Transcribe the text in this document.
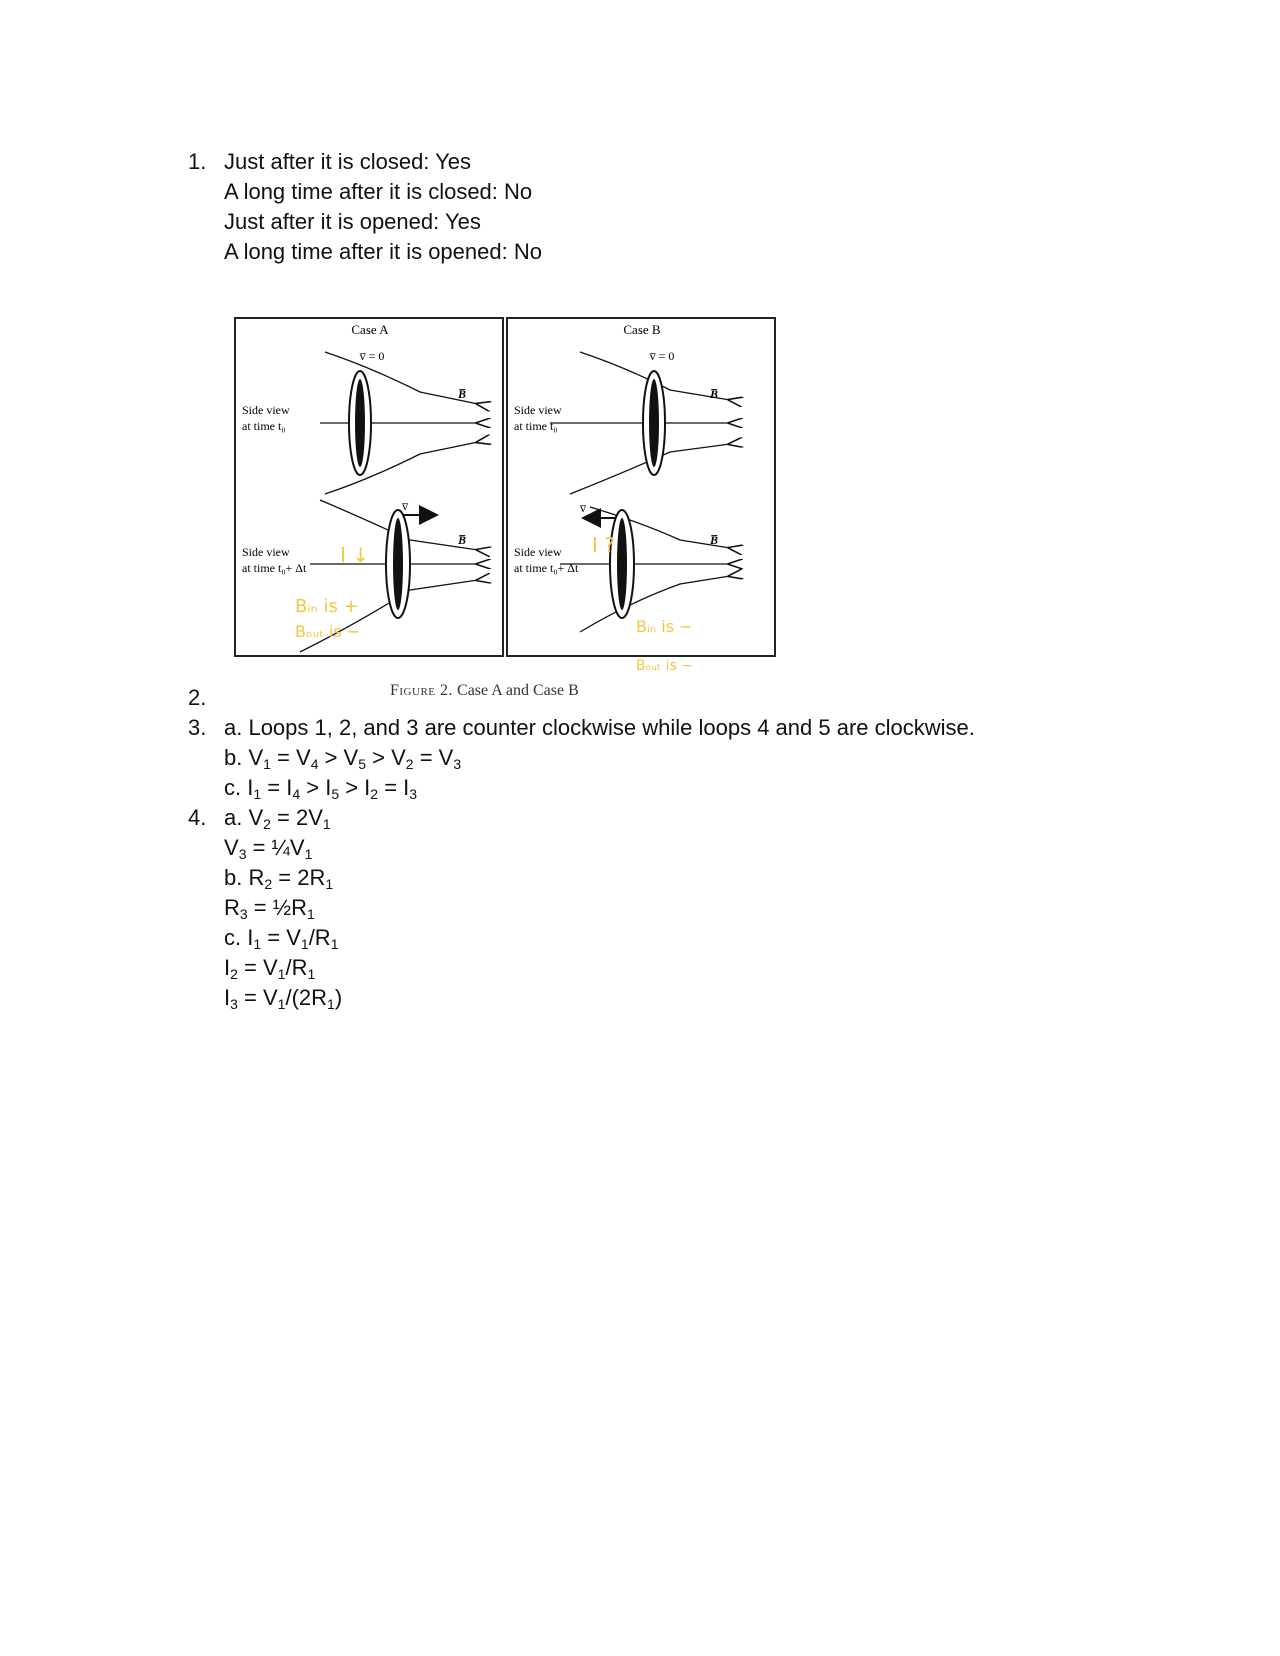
1. Just after it is closed: Yes
A long time after it is closed: No
Just after it is opened: Yes
A long time after it is opened: No
Case A	Case B
v̅ = 0
B̅
Side view
at time t₀
v̅
B̅
Side view
at time t₀+ Δt
I ↓
Bᵢₙ is +
Bₒᵤₜ is −
v̅ = 0
B̅
Side view
at time t₀
v̅
B̅
Side view
at time t₀+ Δt
I ?
Bᵢₙ is −
Bₒᵤₜ is −
2.	Figure 2. Case A and Case B
3. a. Loops 1, 2, and 3 are counter clockwise while loops 4 and 5 are clockwise.
b. $V_1 = V_4 > V_5 > V_2 = V_3$
c. $I_1 = I_4 > I_5 > I_2 = I_3$
4. a. $V_2 = 2V_1$
$V_3$ = $\frac{1}{4}V_1$
b. $R_2 = 2R_1$
$R_3$ = $\frac{1}{2}R_1$
c. $I_1 = V_1/R_1$
$I_2 = V_1/R_1$
$I_3 = V_1/(2R_1)$
